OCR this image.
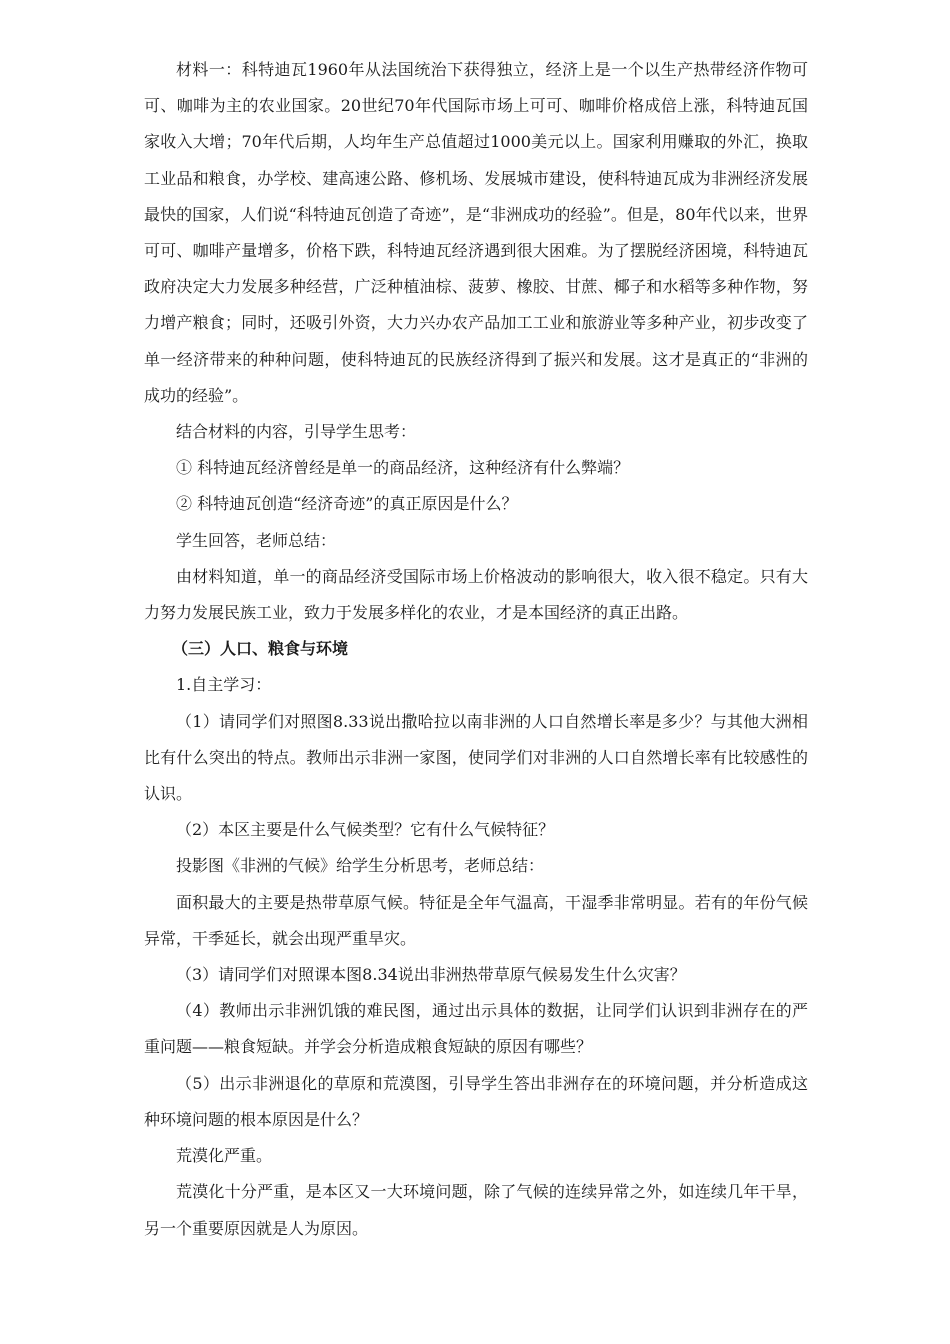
材料一：科特迪瓦1960年从法国统治下获得独立，经济上是一个以生产热带经济作物可可、咖啡为主的农业国家。20世纪70年代国际市场上可可、咖啡价格成倍上涨，科特迪瓦国家收入大增；70年代后期，人均年生产总值超过1000美元以上。国家利用赚取的外汇，换取工业品和粮食，办学校、建高速公路、修机场、发展城市建设，使科特迪瓦成为非洲经济发展最快的国家，人们说“科特迪瓦创造了奇迹”，是“非洲成功的经验”。但是，80年代以来，世界可可、咖啡产量增多，价格下跌，科特迪瓦经济遇到很大困难。为了摆脱经济困境，科特迪瓦政府决定大力发展多种经营，广泛种植油棕、菠萝、橡胶、甘蔗、椰子和水稻等多种作物，努力增产粮食；同时，还吸引外资，大力兴办农产品加工工业和旅游业等多种产业，初步改变了单一经济带来的种种问题，使科特迪瓦的民族经济得到了振兴和发展。这才是真正的“非洲的成功的经验”。

结合材料的内容，引导学生思考：

① 科特迪瓦经济曾经是单一的商品经济，这种经济有什么弊端？

② 科特迪瓦创造“经济奇迹”的真正原因是什么？

学生回答，老师总结：

由材料知道，单一的商品经济受国际市场上价格波动的影响很大，收入很不稳定。只有大力努力发展民族工业，致力于发展多样化的农业，才是本国经济的真正出路。

（三）人口、粮食与环境

1.自主学习：

（1）请同学们对照图8.33说出撒哈拉以南非洲的人口自然增长率是多少？与其他大洲相比有什么突出的特点。教师出示非洲一家图，使同学们对非洲的人口自然增长率有比较感性的认识。

（2）本区主要是什么气候类型？它有什么气候特征？

投影图《非洲的气候》给学生分析思考，老师总结：

面积最大的主要是热带草原气候。特征是全年气温高，干湿季非常明显。若有的年份气候异常，干季延长，就会出现严重旱灾。

（3）请同学们对照课本图8.34说出非洲热带草原气候易发生什么灾害？

（4）教师出示非洲饥饿的难民图，通过出示具体的数据，让同学们认识到非洲存在的严重问题——粮食短缺。并学会分析造成粮食短缺的原因有哪些？

（5）出示非洲退化的草原和荒漠图，引导学生答出非洲存在的环境问题，并分析造成这种环境问题的根本原因是什么？

荒漠化严重。

荒漠化十分严重，是本区又一大环境问题，除了气候的连续异常之外，如连续几年干旱，另一个重要原因就是人为原因。
